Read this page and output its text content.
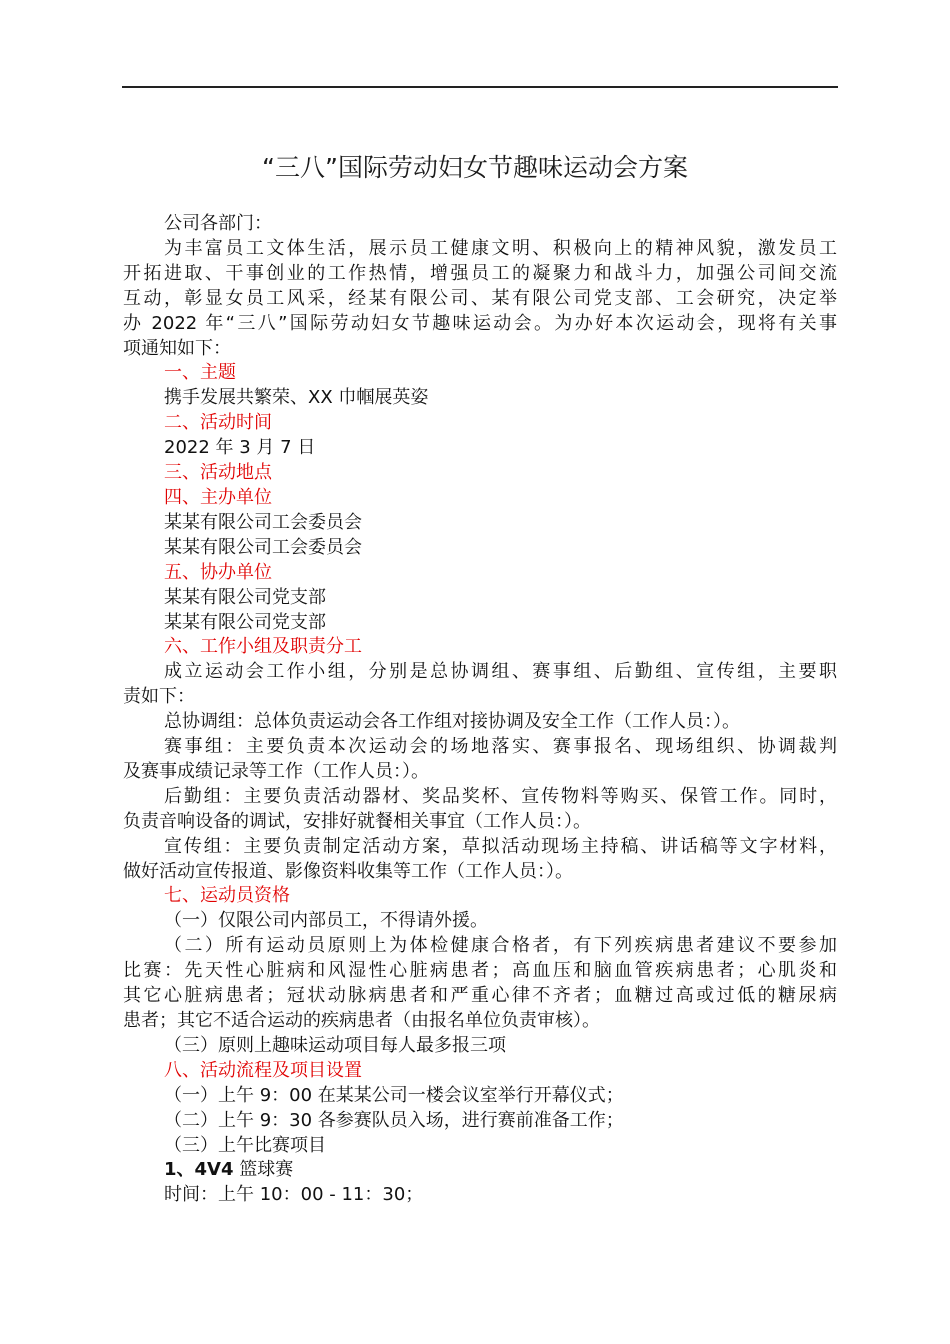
“三八”国际劳动妇女节趣味运动会方案

公司各部门：

为丰富员工文体生活，展示员工健康文明、积极向上的精神风貌，激发员工

开拓进取、干事创业的工作热情，增强员工的凝聚力和战斗力，加强公司间交流

互动，彰显女员工风采，经某有限公司、某有限公司党支部、工会研究，决定举

办 2022 年“三八”国际劳动妇女节趣味运动会。为办好本次运动会，现将有关事

项通知如下：

一、主题

携手发展共繁荣、XX 巾帼展英姿

二、活动时间

2022 年 3 月 7 日

三、活动地点

四、主办单位

某某有限公司工会委员会

某某有限公司工会委员会

五、协办单位

某某有限公司党支部

某某有限公司党支部

六、工作小组及职责分工

成立运动会工作小组，分别是总协调组、赛事组、后勤组、宣传组，主要职

责如下：

总协调组：总体负责运动会各工作组对接协调及安全工作（工作人员：）。

赛事组：主要负责本次运动会的场地落实、赛事报名、现场组织、协调裁判

及赛事成绩记录等工作（工作人员：）。

后勤组：主要负责活动器材、奖品奖杯、宣传物料等购买、保管工作。同时，

负责音响设备的调试，安排好就餐相关事宜（工作人员：）。

宣传组：主要负责制定活动方案，草拟活动现场主持稿、讲话稿等文字材料，

做好活动宣传报道、影像资料收集等工作（工作人员：）。

七、运动员资格

（一）仅限公司内部员工，不得请外援。

（二）所有运动员原则上为体检健康合格者，有下列疾病患者建议不要参加

比赛：先天性心脏病和风湿性心脏病患者；高血压和脑血管疾病患者；心肌炎和

其它心脏病患者；冠状动脉病患者和严重心律不齐者；血糖过高或过低的糖尿病

患者；其它不适合运动的疾病患者（由报名单位负责审核）。

（三）原则上趣味运动项目每人最多报三项

八、活动流程及项目设置

（一）上午 9：00 在某某公司一楼会议室举行开幕仪式；

（二）上午 9：30 各参赛队员入场，进行赛前准备工作；

（三）上午比赛项目

1、4V4 篮球赛

时间：上午 10：00 - 11：30；
